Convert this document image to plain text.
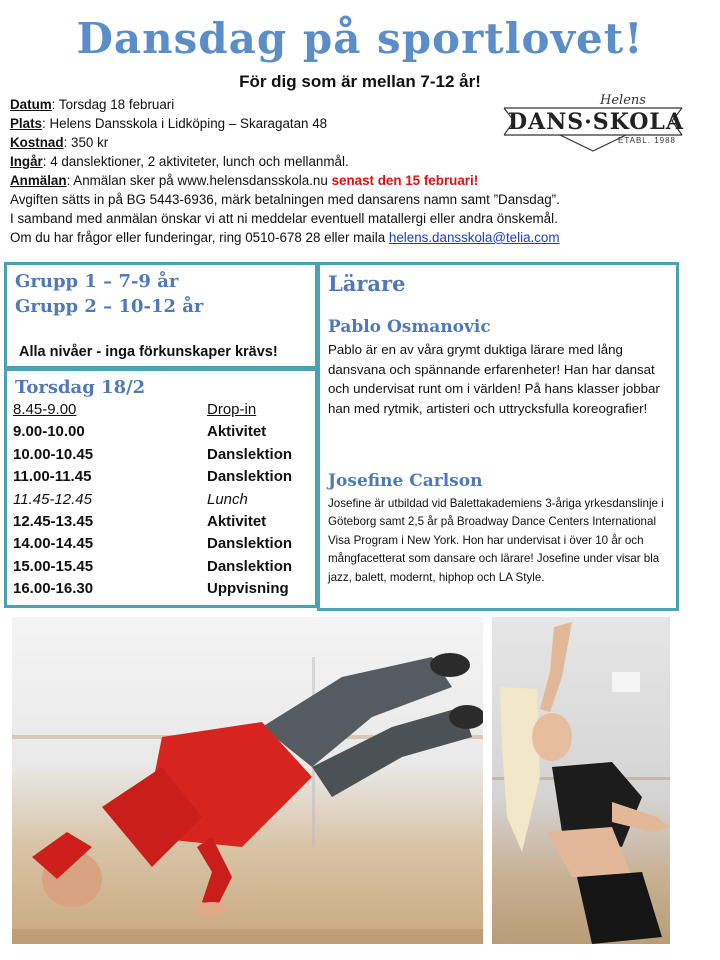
Dansdag på sportlovet!
För dig som är mellan 7-12 år!
Datum: Torsdag 18 februari
Plats: Helens Dansskola i Lidköping – Skaragatan 48
Kostnad: 350 kr
Ingår: 4 danslektioner, 2 aktiviteter, lunch och mellanmål.
Anmälan: Anmälan sker på www.helensdansskola.nu senast den 15 februari!
Avgiften sätts in på BG 5443-6936, märk betalningen med dansarens namn samt ”Dansdag”.
I samband med anmälan önskar vi att ni meddelar eventuell matallergi eller andra önskemål.
Om du har frågor eller funderingar, ring 0510-678 28 eller maila helens.dansskola@telia.com
Helens
DANS·SKOLA
ETABL. 1988
Grupp 1 – 7-9 år
Grupp 2 – 10-12 år
Alla nivåer - inga förkunskaper krävs!
Torsdag 18/2
8.45-9.00	Drop-in
9.00-10.00	Aktivitet
10.00-10.45	Danslektion
11.00-11.45	Danslektion
11.45-12.45	Lunch
12.45-13.45	Aktivitet
14.00-14.45	Danslektion
15.00-15.45	Danslektion
16.00-16.30	Uppvisning
Lärare
Pablo Osmanovic
Pablo är en av våra grymt duktiga lärare med lång dansvana och spännande erfarenheter! Han har dansat och undervisat runt om i världen! På hans klasser jobbar han med rytmik, artisteri och uttrycksfulla koreografier!
Josefine Carlson
Josefine är utbildad vid Balettakademiens 3-åriga yrkesdanslinje i Göteborg samt 2,5 år på Broadway Dance Centers International Visa Program i New York. Hon har undervisat i över 10 år och mångfacetterat som dansare och lärare! Josefine under visar bla jazz, balett, modernt, hiphop och LA Style.
